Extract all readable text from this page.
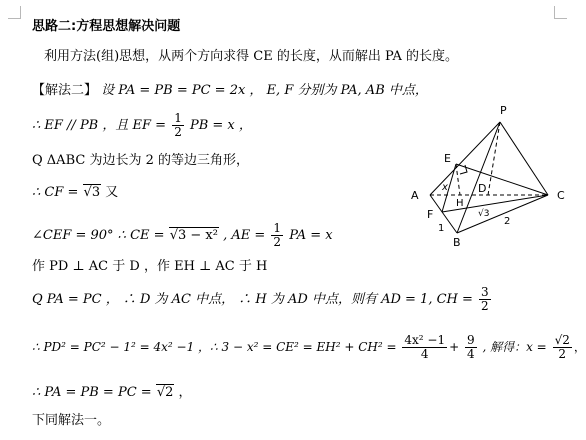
思路二:方程思想解决问题
利用方法(组)思想，从两个方向求得 CE 的长度，从而解出 PA 的长度。
【解法二】 设 PA = PB = PC = 2x ， E, F 分别为 PA, AB 中点，
∴ EF // PB ，且 EF = $\frac{1}{2}$ PB = x ，
Q ΔABC 为边长为 2 的等边三角形，
∴ CF = √3 又
∠CEF = 90° ∴ CE = √3 − x² , AE = $\frac{1}{2}$ PA = x
作 PD ⊥ AC 于 D ，作 EH ⊥ AC 于 H
Q PA = PC ， ∴ D 为 AC 中点， ∴ H 为 AD 中点，则有 AD = 1, CH = $\frac{3}{2}$
∴ PD² = PC² − 1² = 4x² −1 ，∴ $3 - x^2 = CE^2 = EH^2 + CH^2 = \frac{\text{4x² −1}}{4} + \frac{9}{4}$ , 解得：$x = \frac{√2}{2}$ ，
∴ PA = PB = PC = √2 ，
下同解法一。
P
E
A
F
B
C
D
H
x
1
√3
2
